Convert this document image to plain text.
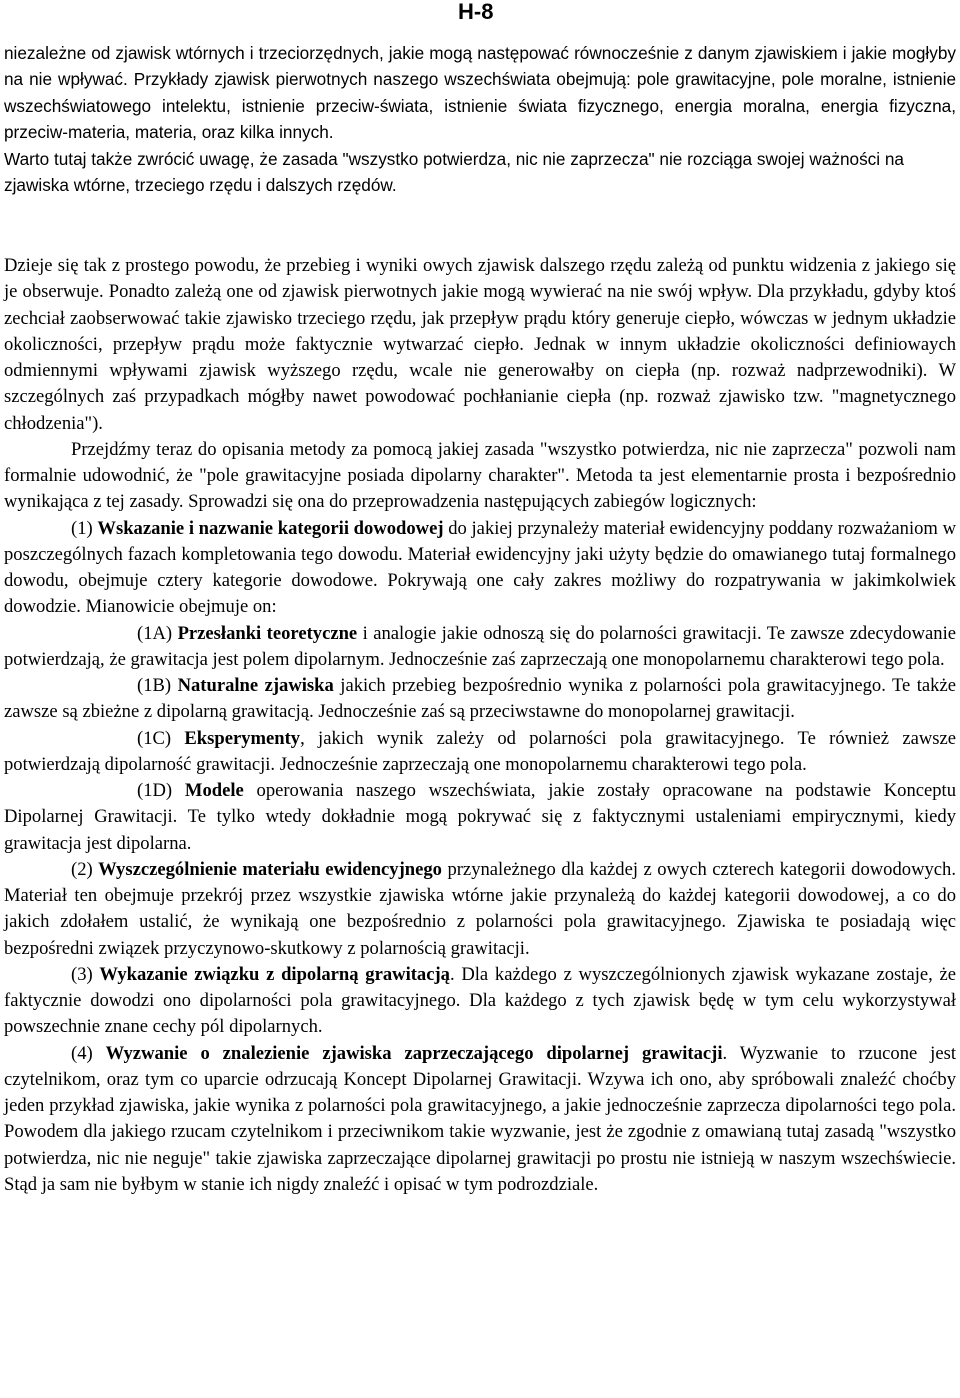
H-8

niezależne od zjawisk wtórnych i trzeciorzędnych, jakie mogą następować równocześnie z danym zjawiskiem i jakie mogłyby na nie wpływać. Przykłady zjawisk pierwotnych naszego wszechświata obejmują: pole grawitacyjne, pole moralne, istnienie wszechświatowego intelektu, istnienie przeciw-świata, istnienie świata fizycznego, energia moralna, energia fizyczna, przeciw-materia, materia, oraz kilka innych.

Warto tutaj także zwrócić uwagę, że zasada "wszystko potwierdza, nic nie zaprzecza" nie rozciąga swojej ważności na zjawiska wtórne, trzeciego rzędu i dalszych rzędów.

Dzieje się tak z prostego powodu, że przebieg i wyniki owych zjawisk dalszego rzędu zależą od punktu widzenia z jakiego się je obserwuje. Ponadto zależą one od zjawisk pierwotnych jakie mogą wywierać na nie swój wpływ. Dla przykładu, gdyby ktoś zechciał zaobserwować takie zjawisko trzeciego rzędu, jak przepływ prądu który generuje ciepło, wówczas w jednym układzie okoliczności, przepływ prądu może faktycznie wytwarzać ciepło. Jednak w innym układzie okoliczności definiowaych odmiennymi wpływami zjawisk wyższego rzędu, wcale nie generowałby on ciepła (np. rozważ nadprzewodniki). W szczególnych zaś przypadkach mógłby nawet powodować pochłanianie ciepła (np. rozważ zjawisko tzw. "magnetycznego chłodzenia").

Przejdźmy teraz do opisania metody za pomocą jakiej zasada "wszystko potwierdza, nic nie zaprzecza" pozwoli nam formalnie udowodnić, że "pole grawitacyjne posiada dipolarny charakter". Metoda ta jest elementarnie prosta i bezpośrednio wynikająca z tej zasady. Sprowadzi się ona do przeprowadzenia następujących zabiegów logicznych:

(1) Wskazanie i nazwanie kategorii dowodowej do jakiej przynależy materiał ewidencyjny poddany rozważaniom w poszczególnych fazach kompletowania tego dowodu. Materiał ewidencyjny jaki użyty będzie do omawianego tutaj formalnego dowodu, obejmuje cztery kategorie dowodowe. Pokrywają one cały zakres możliwy do rozpatrywania w jakimkolwiek dowodzie. Mianowicie obejmuje on:

(1A) Przesłanki teoretyczne i analogie jakie odnoszą się do polarności grawitacji. Te zawsze zdecydowanie potwierdzają, że grawitacja jest polem dipolarnym. Jednocześnie zaś zaprzeczają one monopolarnemu charakterowi tego pola.

(1B) Naturalne zjawiska jakich przebieg bezpośrednio wynika z polarności pola grawitacyjnego. Te także zawsze są zbieżne z dipolarną grawitacją. Jednocześnie zaś są przeciwstawne do monopolarnej grawitacji.

(1C) Eksperymenty, jakich wynik zależy od polarności pola grawitacyjnego. Te również zawsze potwierdzają dipolarność grawitacji. Jednocześnie zaprzeczają one monopolarnemu charakterowi tego pola.

(1D) Modele operowania naszego wszechświata, jakie zostały opracowane na podstawie Konceptu Dipolarnej Grawitacji. Te tylko wtedy dokładnie mogą pokrywać się z faktycznymi ustaleniami empirycznymi, kiedy grawitacja jest dipolarna.

(2) Wyszczególnienie materiału ewidencyjnego przynależnego dla każdej z owych czterech kategorii dowodowych. Materiał ten obejmuje przekrój przez wszystkie zjawiska wtórne jakie przynależą do każdej kategorii dowodowej, a co do jakich zdołałem ustalić, że wynikają one bezpośrednio z polarności pola grawitacyjnego. Zjawiska te posiadają więc bezpośredni związek przyczynowo-skutkowy z polarnością grawitacji.

(3) Wykazanie związku z dipolarną grawitacją. Dla każdego z wyszczególnionych zjawisk wykazane zostaje, że faktycznie dowodzi ono dipolarności pola grawitacyjnego. Dla każdego z tych zjawisk będę w tym celu wykorzystywał powszechnie znane cechy pól dipolarnych.

(4) Wyzwanie o znalezienie zjawiska zaprzeczającego dipolarnej grawitacji. Wyzwanie to rzucone jest czytelnikom, oraz tym co uparcie odrzucają Koncept Dipolarnej Grawitacji. Wzywa ich ono, aby spróbowali znaleźć choćby jeden przykład zjawiska, jakie wynika z polarności pola grawitacyjnego, a jakie jednocześnie zaprzecza dipolarności tego pola. Powodem dla jakiego rzucam czytelnikom i przeciwnikom takie wyzwanie, jest że zgodnie z omawianą tutaj zasadą "wszystko potwierdza, nic nie neguje" takie zjawiska zaprzeczające dipolarnej grawitacji po prostu nie istnieją w naszym wszechświecie. Stąd ja sam nie byłbym w stanie ich nigdy znaleźć i opisać w tym podrozdziale.
